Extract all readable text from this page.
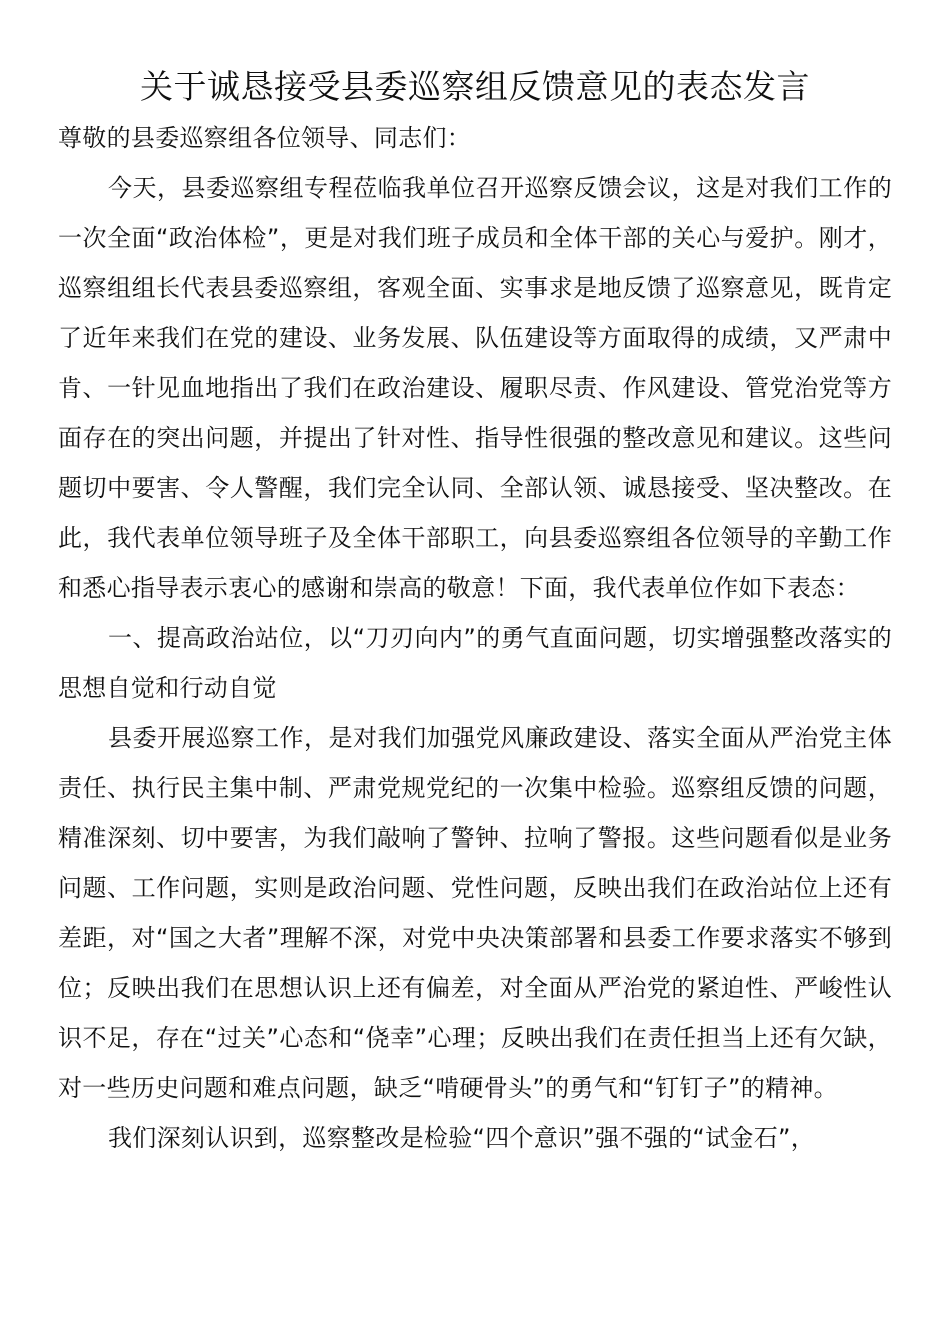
关于诚恳接受县委巡察组反馈意见的表态发言

尊敬的县委巡察组各位领导、同志们：

今天，县委巡察组专程莅临我单位召开巡察反馈会议，这是对我们工作的一次全面“政治体检”，更是对我们班子成员和全体干部的关心与爱护。刚才，巡察组组长代表县委巡察组，客观全面、实事求是地反馈了巡察意见，既肯定了近年来我们在党的建设、业务发展、队伍建设等方面取得的成绩，又严肃中肯、一针见血地指出了我们在政治建设、履职尽责、作风建设、管党治党等方面存在的突出问题，并提出了针对性、指导性很强的整改意见和建议。这些问题切中要害、令人警醒，我们完全认同、全部认领、诚恳接受、坚决整改。在此，我代表单位领导班子及全体干部职工，向县委巡察组各位领导的辛勤工作和悉心指导表示衷心的感谢和崇高的敬意！下面，我代表单位作如下表态：

一、提高政治站位，以“刀刃向内”的勇气直面问题，切实增强整改落实的思想自觉和行动自觉

县委开展巡察工作，是对我们加强党风廉政建设、落实全面从严治党主体责任、执行民主集中制、严肃党规党纪的一次集中检验。巡察组反馈的问题，精准深刻、切中要害，为我们敲响了警钟、拉响了警报。这些问题看似是业务问题、工作问题，实则是政治问题、党性问题，反映出我们在政治站位上还有差距，对“国之大者”理解不深，对党中央决策部署和县委工作要求落实不够到位；反映出我们在思想认识上还有偏差，对全面从严治党的紧迫性、严峻性认识不足，存在“过关”心态和“侥幸”心理；反映出我们在责任担当上还有欠缺，对一些历史问题和难点问题，缺乏“啃硬骨头”的勇气和“钉钉子”的精神。

我们深刻认识到，巡察整改是检验“四个意识”强不强的“试金石”，
